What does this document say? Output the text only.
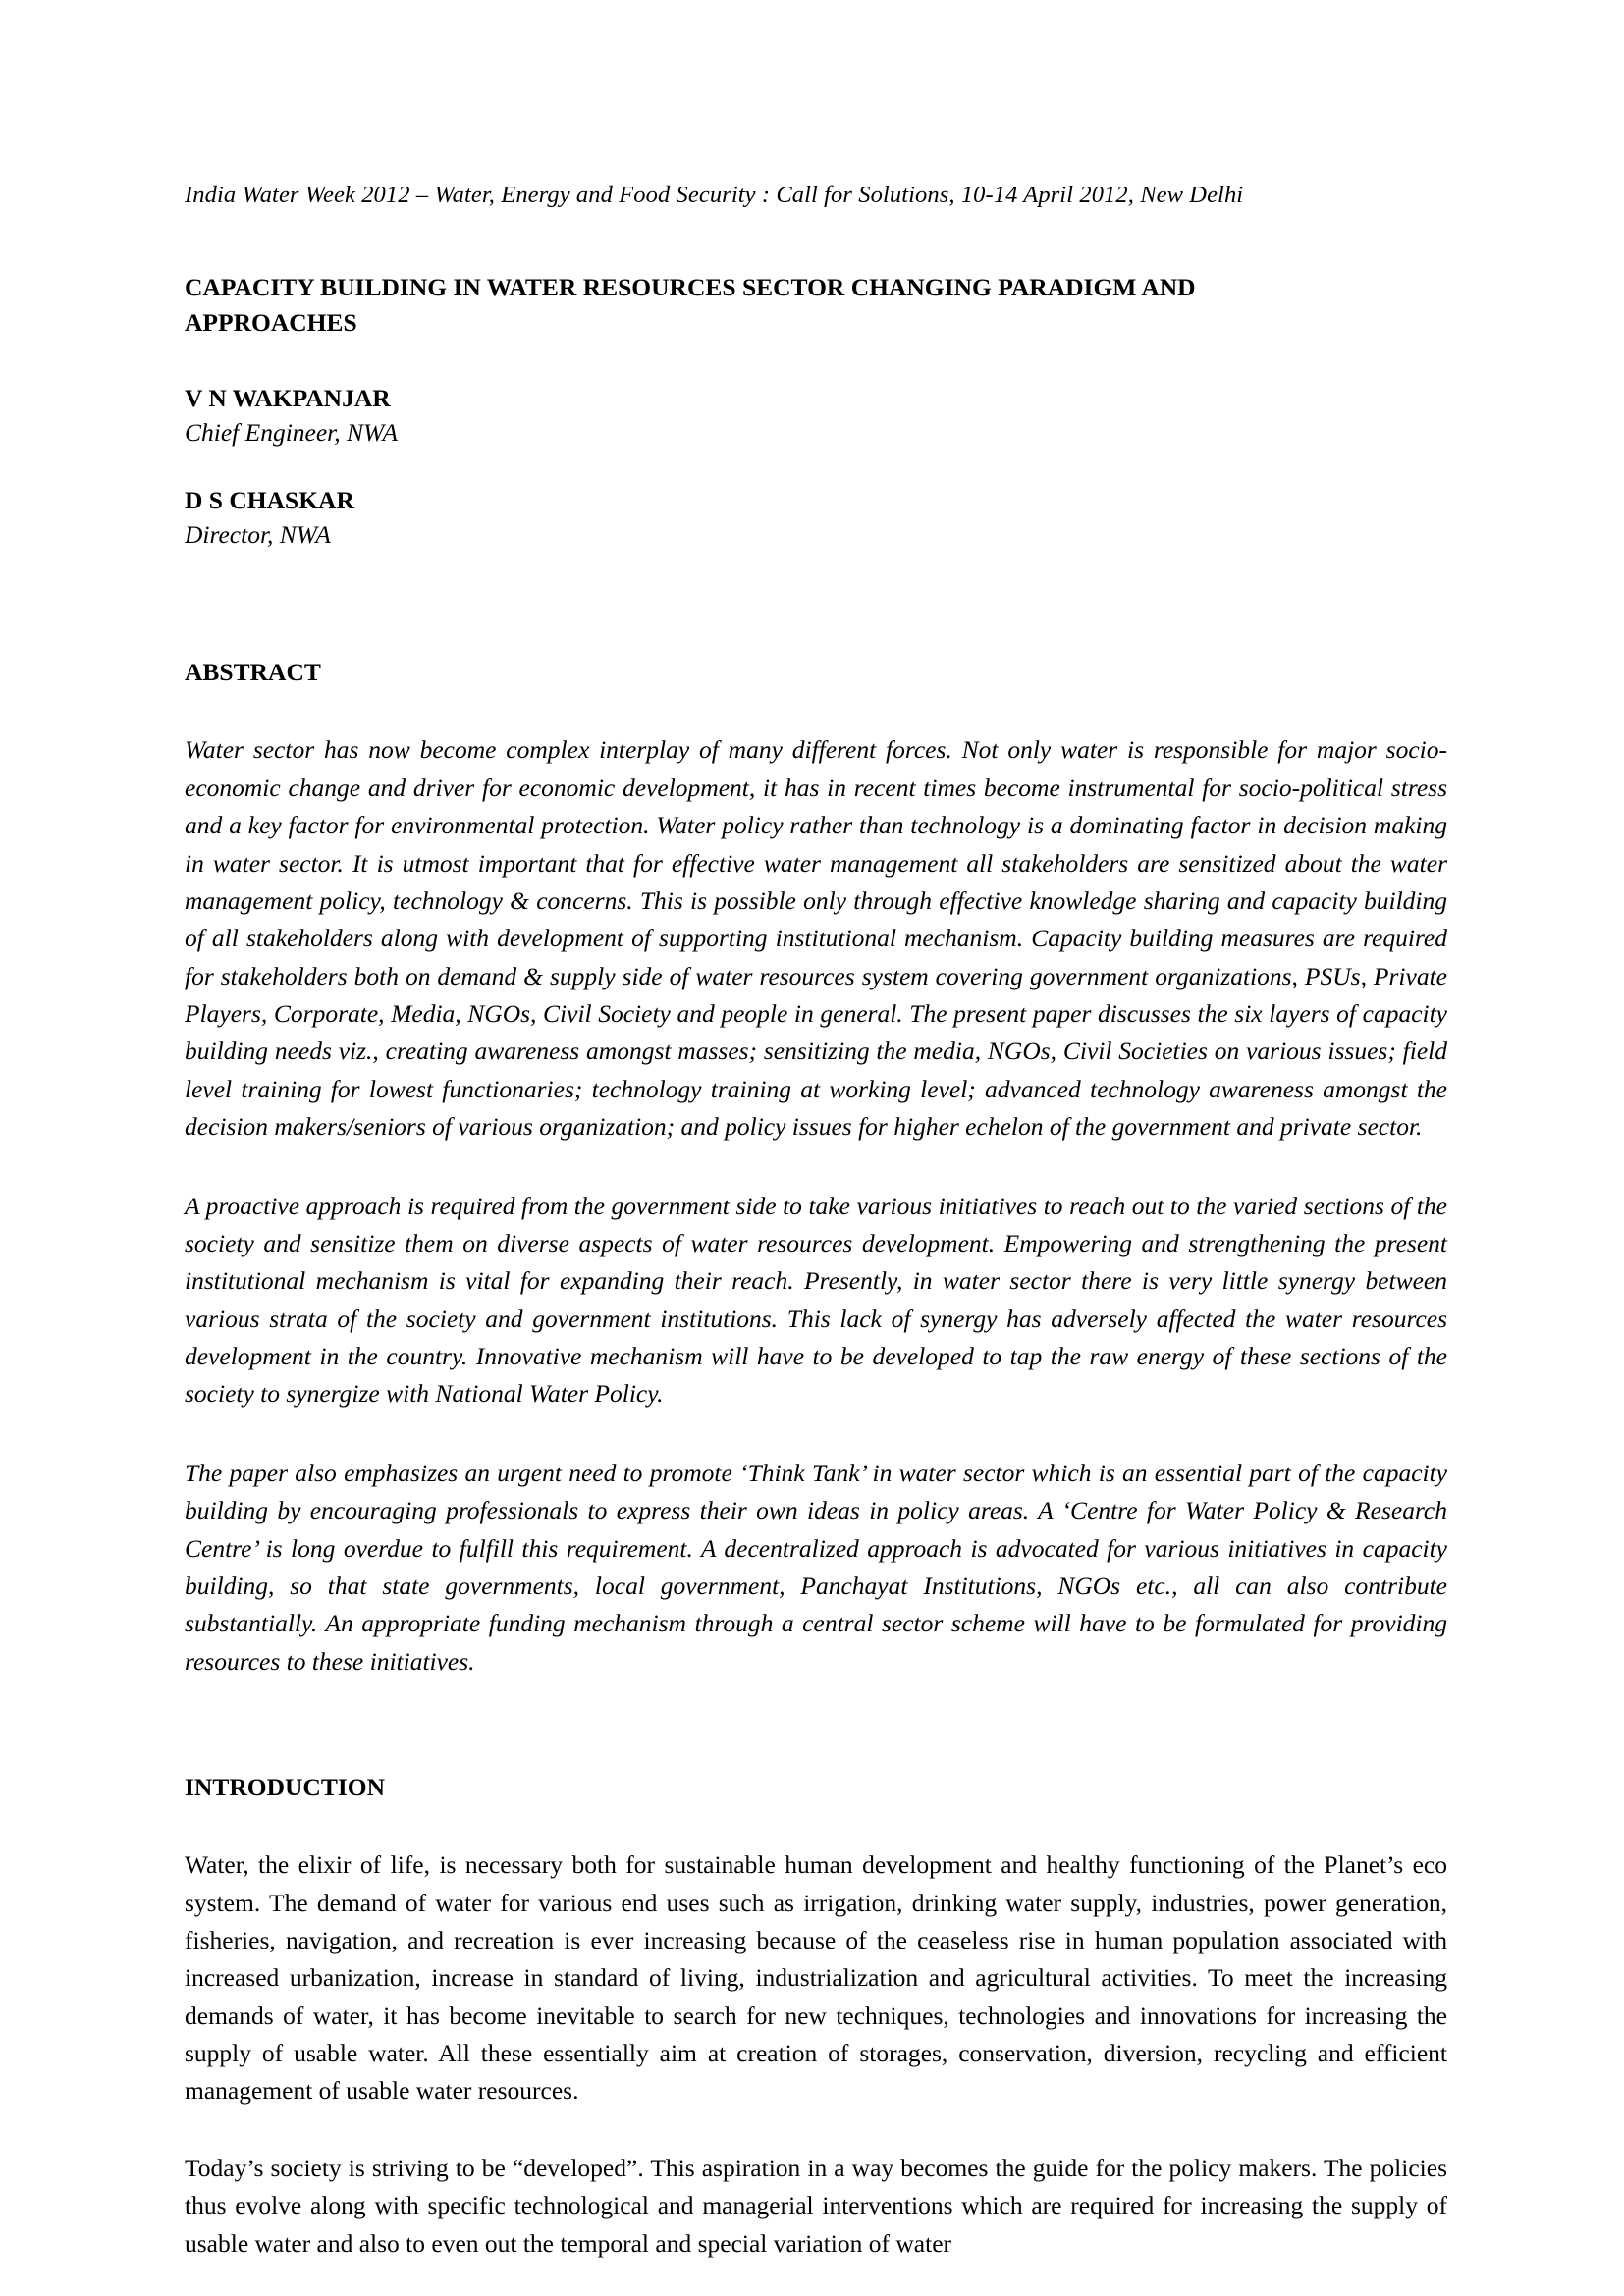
India Water Week 2012 – Water, Energy and Food Security : Call for Solutions, 10-14 April 2012, New Delhi
CAPACITY BUILDING IN WATER RESOURCES SECTOR CHANGING PARADIGM AND APPROACHES
V N WAKPANJAR
Chief Engineer, NWA
D S CHASKAR
Director, NWA
ABSTRACT

Water sector has now become complex interplay of many different forces. Not only water is responsible for major socio-economic change and driver for economic development, it has in recent times become instrumental for socio-political stress and a key factor for environmental protection. Water policy rather than technology is a dominating factor in decision making in water sector. It is utmost important that for effective water management all stakeholders are sensitized about the water management policy, technology & concerns. This is possible only through effective knowledge sharing and capacity building of all stakeholders along with development of supporting institutional mechanism. Capacity building measures are required for stakeholders both on demand & supply side of water resources system covering government organizations, PSUs, Private Players, Corporate, Media, NGOs, Civil Society and people in general. The present paper discusses the six layers of capacity building needs viz., creating awareness amongst masses; sensitizing the media, NGOs, Civil Societies on various issues; field level training for lowest functionaries; technology training at working level; advanced technology awareness amongst the decision makers/seniors of various organization; and policy issues for higher echelon of the government and private sector.

A proactive approach is required from the government side to take various initiatives to reach out to the varied sections of the society and sensitize them on diverse aspects of water resources development. Empowering and strengthening the present institutional mechanism is vital for expanding their reach. Presently, in water sector there is very little synergy between various strata of the society and government institutions. This lack of synergy has adversely affected the water resources development in the country. Innovative mechanism will have to be developed to tap the raw energy of these sections of the society to synergize with National Water Policy.

The paper also emphasizes an urgent need to promote ‘Think Tank’ in water sector which is an essential part of the capacity building by encouraging professionals to express their own ideas in policy areas. A ‘Centre for Water Policy & Research Centre’ is long overdue to fulfill this requirement. A decentralized approach is advocated for various initiatives in capacity building, so that state governments, local government, Panchayat Institutions, NGOs etc., all can also contribute substantially. An appropriate funding mechanism through a central sector scheme will have to be formulated for providing resources to these initiatives.

INTRODUCTION

Water, the elixir of life, is necessary both for sustainable human development and healthy functioning of the Planet’s eco system. The demand of water for various end uses such as irrigation, drinking water supply, industries, power generation, fisheries, navigation, and recreation is ever increasing because of the ceaseless rise in human population associated with increased urbanization, increase in standard of living, industrialization and agricultural activities. To meet the increasing demands of water, it has become inevitable to search for new techniques, technologies and innovations for increasing the supply of usable water. All these essentially aim at creation of storages, conservation, diversion, recycling and efficient management of usable water resources.

Today’s society is striving to be “developed”. This aspiration in a way becomes the guide for the policy makers. The policies thus evolve along with specific technological and managerial interventions which are required for increasing the supply of usable water and also to even out the temporal and special variation of water
